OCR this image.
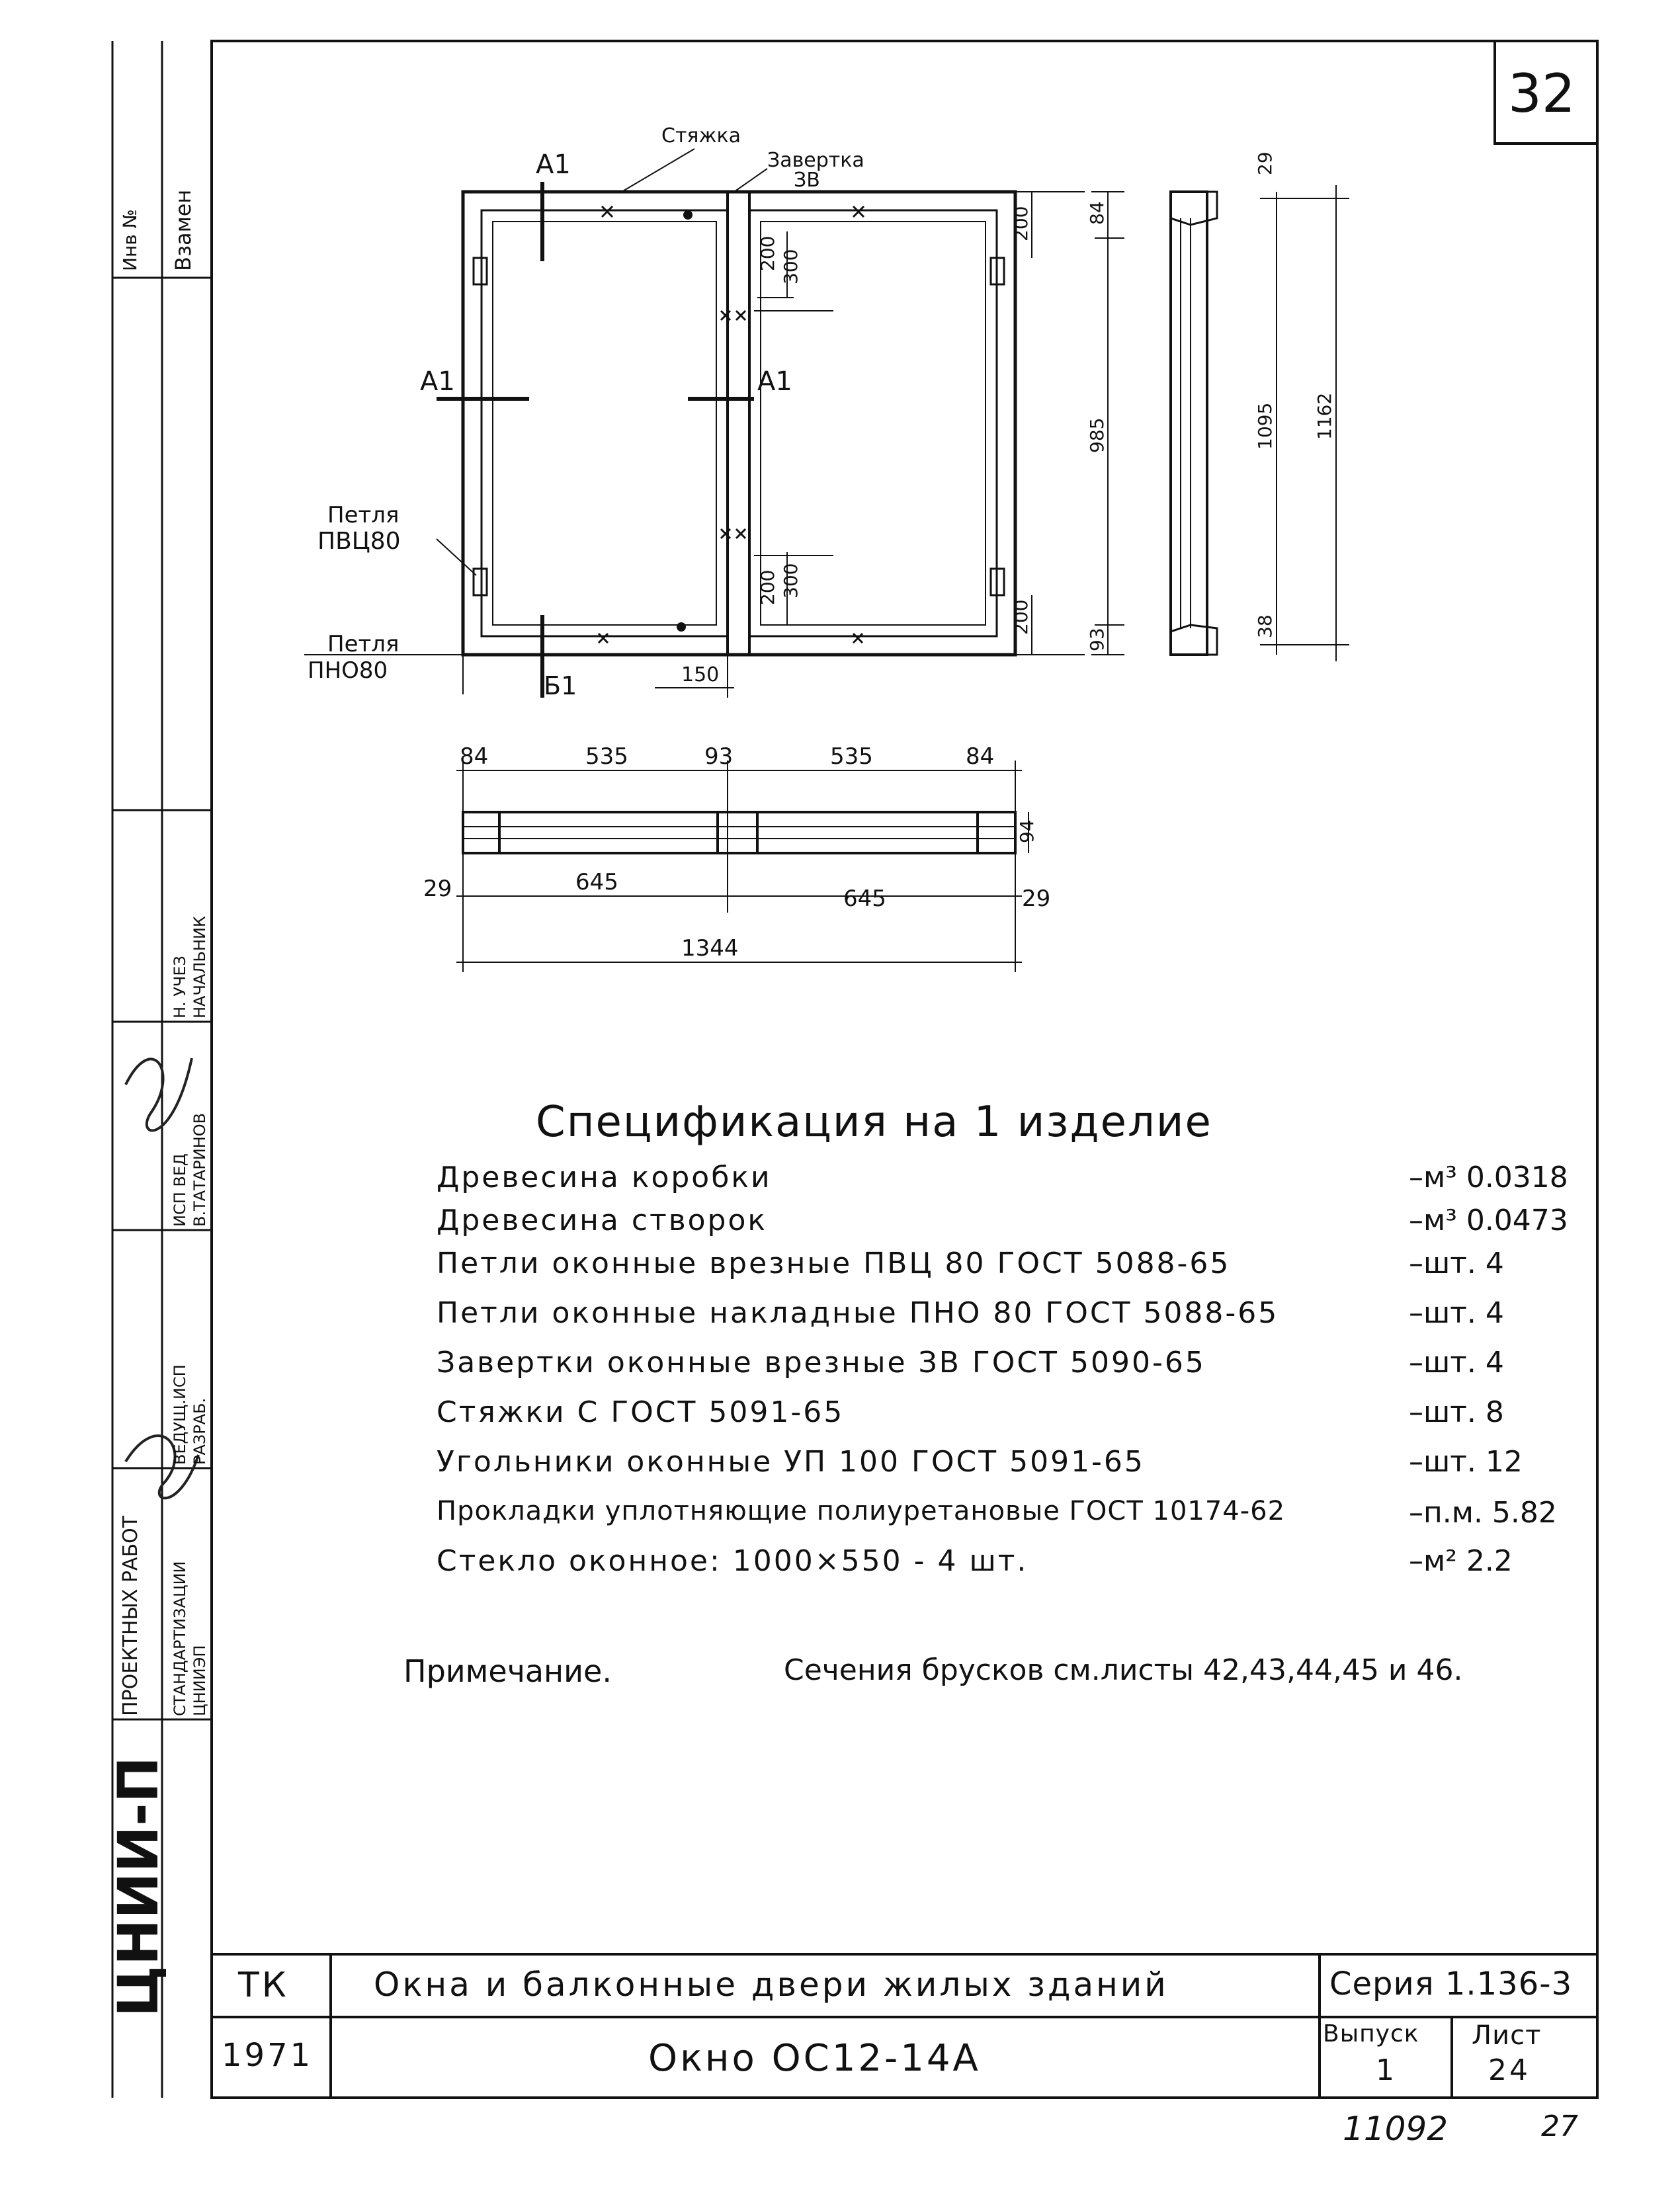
Стяжка
Завертка
ЗВ
А1
А1	А1
Б1
Петля
ПВЦ80
Петля
ПНО80	150
200 300
200 300
200
200
84
985
93
29
1095
38
1162
94
84	535	93	535	84
29	645
645	29
1344
32
Инв № Взамен
Н. УЧЕЗ НАЧАЛЬНИК
ИСП ВЕД В.ТАТАРИНОВ
ВЕДУЩ.ИСП РАЗРАБ.
ПРОЕКТНЫХ РАБОТ СТАНДАРТИЗАЦИИ ЦНИИЭП
ЦНИИ-П
Спецификация на 1 изделие
Древесина коробки	–м³ 0.0318
Древесина створок	–м³ 0.0473
Петли оконные врезные ПВЦ 80 ГОСТ 5088-65	–шт. 4
Петли оконные накладные ПНО 80 ГОСТ 5088-65	–шт. 4
Завертки оконные врезные ЗВ ГОСТ 5090-65	–шт. 4
Стяжки С ГОСТ 5091-65	–шт. 8
Угольники оконные УП 100 ГОСТ 5091-65	–шт. 12
Прокладки уплотняющие полиуретановые ГОСТ 10174-62	–п.м. 5.82
Стекло оконное: 1000×550 - 4 шт.	–м² 2.2
Примечание.	Сечения брусков см.листы 42,43,44,45 и 46.
ТК	Окна и балконные двери жилых зданий	Серия 1.136-3
1971	Окно ОС12-14А
Выпуск
1
Лист
24
11092	27
